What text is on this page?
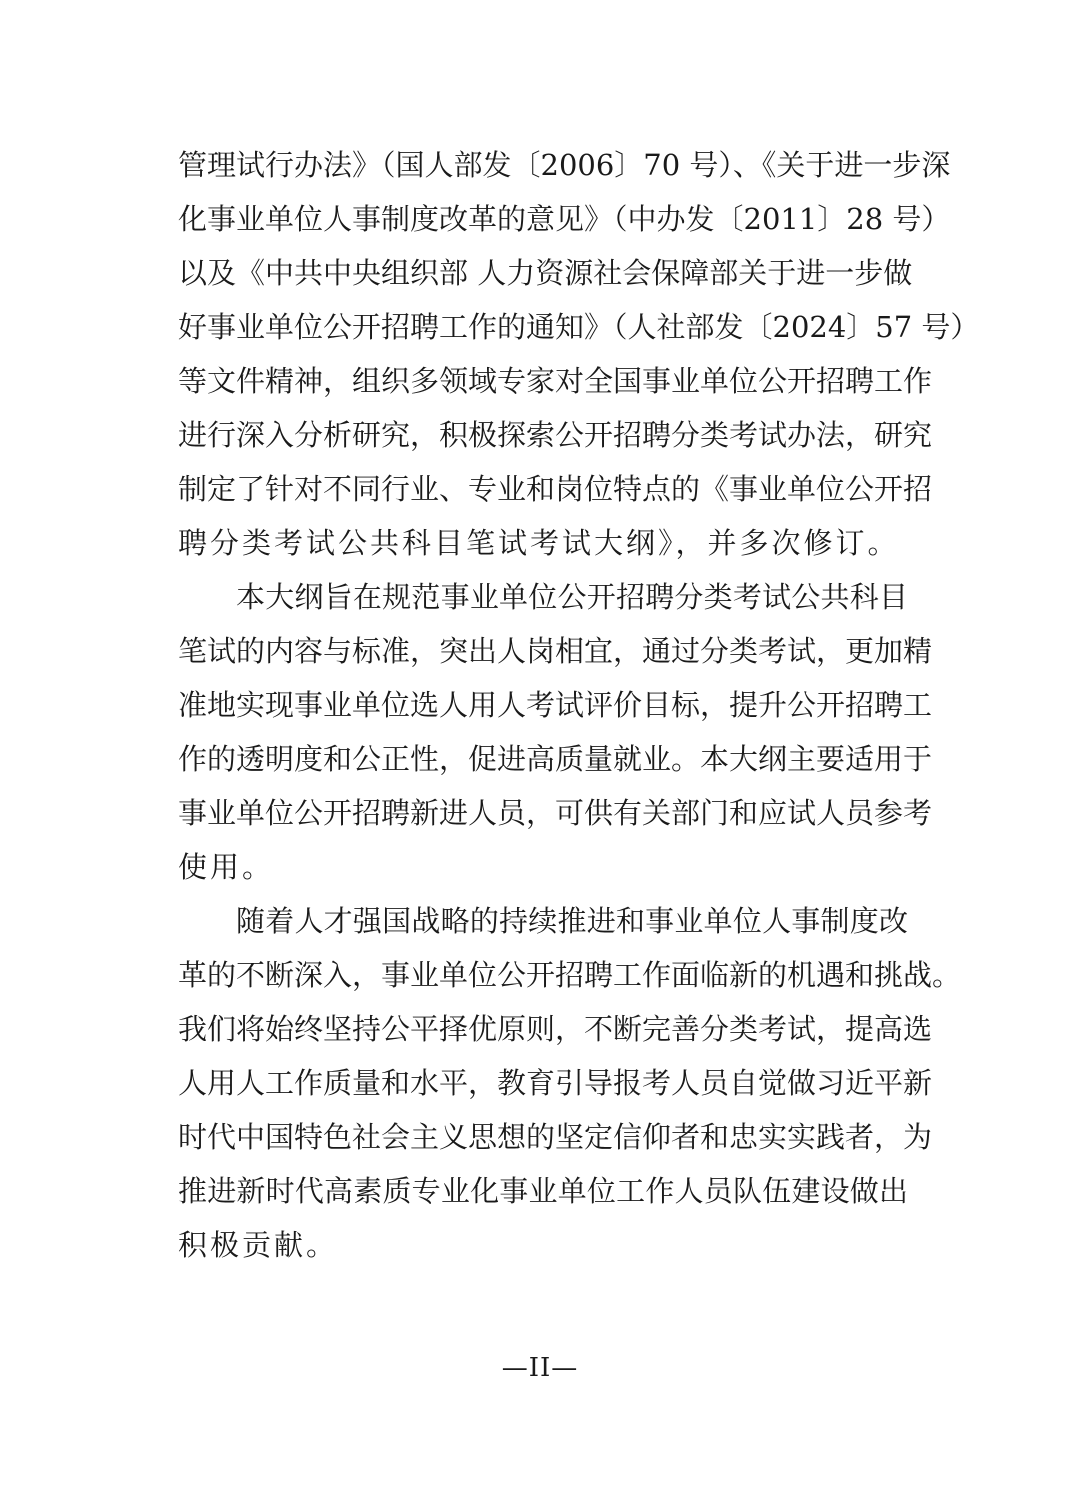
管理试行办法》（国人部发〔2006〕70 号）、《关于进一步深
化事业单位人事制度改革的意见》（中办发〔2011〕28 号）
以及《中共中央组织部 人力资源社会保障部关于进一步做
好事业单位公开招聘工作的通知》（人社部发〔2024〕57 号）
等文件精神，组织多领域专家对全国事业单位公开招聘工作
进行深入分析研究，积极探索公开招聘分类考试办法，研究
制定了针对不同行业、专业和岗位特点的《事业单位公开招
聘分类考试公共科目笔试考试大纲》，并多次修订。
本大纲旨在规范事业单位公开招聘分类考试公共科目
笔试的内容与标准，突出人岗相宜，通过分类考试，更加精
准地实现事业单位选人用人考试评价目标，提升公开招聘工
作的透明度和公正性，促进高质量就业。本大纲主要适用于
事业单位公开招聘新进人员，可供有关部门和应试人员参考
使用。
随着人才强国战略的持续推进和事业单位人事制度改
革的不断深入，事业单位公开招聘工作面临新的机遇和挑战。
我们将始终坚持公平择优原则，不断完善分类考试，提高选
人用人工作质量和水平，教育引导报考人员自觉做习近平新
时代中国特色社会主义思想的坚定信仰者和忠实实践者，为
推进新时代高素质专业化事业单位工作人员队伍建设做出
积极贡献。
—II—
